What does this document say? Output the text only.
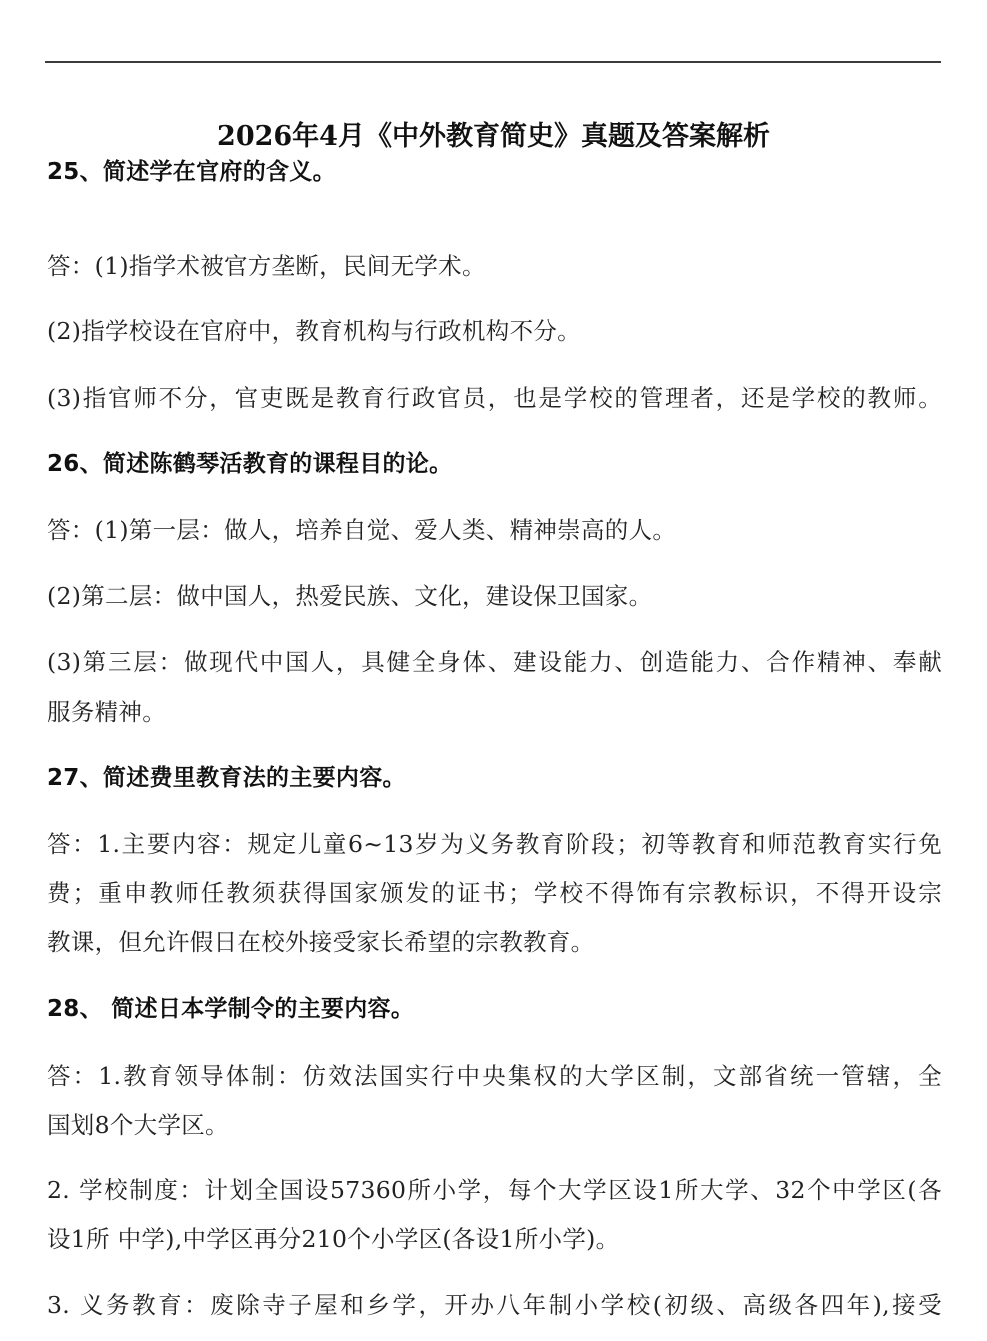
2026年4月《中外教育简史》真题及答案解析
25、简述学在官府的含义。
答：(1)指学术被官方垄断，民间无学术。
(2)指学校设在官府中，教育机构与行政机构不分。
(3)指官师不分，官吏既是教育行政官员，也是学校的管理者，还是学校的教师。
26、简述陈鹤琴活教育的课程目的论。
答：(1)第一层：做人，培养自觉、爱人类、精神崇高的人。
(2)第二层：做中国人，热爱民族、文化，建设保卫国家。
(3)第三层：做现代中国人，具健全身体、建设能力、创造能力、合作精神、奉献
服务精神。
27、简述费里教育法的主要内容。
答：1.主要内容：规定儿童6~13岁为义务教育阶段；初等教育和师范教育实行免
费；重申教师任教须获得国家颁发的证书；学校不得饰有宗教标识，不得开设宗
教课，但允许假日在校外接受家长希望的宗教教育。
28、 简述日本学制令的主要内容。
答：1.教育领导体制：仿效法国实行中央集权的大学区制，文部省统一管辖，全
国划8个大学区。
2. 学校制度：计划全国设57360所小学，每个大学区设1所大学、32个中学区(各
设1所 中学),中学区再分210个小学区(各设1所小学)。
3. 义务教育：废除寺子屋和乡学，开办八年制小学校(初级、高级各四年),接受
